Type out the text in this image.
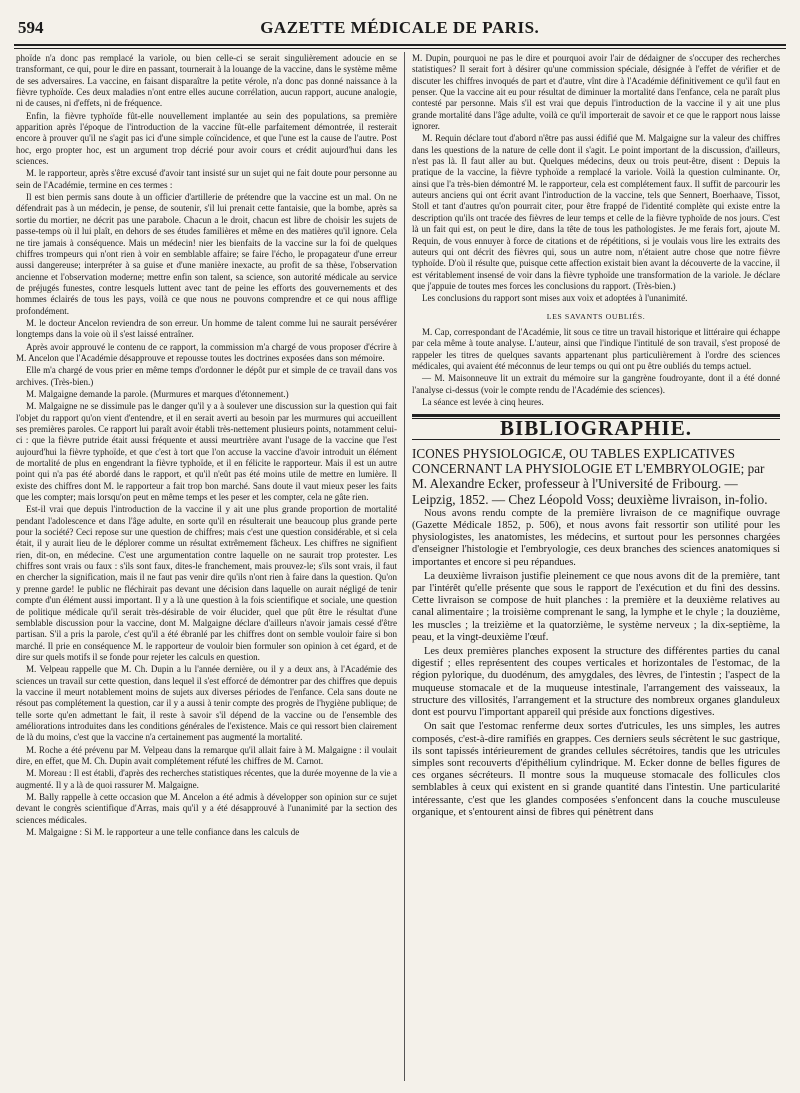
594	GAZETTE MÉDICALE DE PARIS.

phoïde n'a donc pas remplacé la variole, ou bien celle-ci se serait singulièrement adoucie en se transformant, ce qui, pour le dire en passant, tournerait à la louange de la vaccine, dans le système même de ses adversaires. La vaccine, en faisant disparaître la petite vérole, n'a donc pas donné naissance à la fièvre typhoïde. Ces deux maladies n'ont entre elles aucune corrélation, aucun rapport, aucune analogie, ni de causes, ni d'effets, ni de fréquence.

Enfin, la fièvre typhoïde fût-elle nouvellement implantée au sein des populations, sa première apparition après l'époque de l'introduction de la vaccine fût-elle parfaitement démontrée, il resterait encore à prouver qu'il ne s'agit pas ici d'une simple coïncidence, et que l'une est la cause de l'autre. Post hoc, ergo propter hoc, est un argument trop décrié pour avoir cours et crédit aujourd'hui dans les sciences.

M. le rapporteur, après s'être excusé d'avoir tant insisté sur un sujet qui ne fait doute pour personne au sein de l'Académie, termine en ces termes :

Il est bien permis sans doute à un officier d'artillerie de prétendre que la vaccine est un mal. On ne défendrait pas à un médecin, je pense, de soutenir, s'il lui prenait cette fantaisie, que la bombe, après sa sortie du mortier, ne décrit pas une parabole. Chacun a le droit, chacun est libre de choisir les sujets de passe-temps où il lui plaît, en dehors de ses études familières et même en des matières qu'il ignore. Cela ne tire jamais à conséquence. Mais un médecin! nier les bienfaits de la vaccine sur la foi de quelques chiffres trompeurs qui n'ont rien à voir en semblable affaire; se faire l'écho, le propagateur d'une erreur aussi dangereuse; interpréter à sa guise et d'une manière inexacte, au profit de sa thèse, l'observation ancienne et l'observation moderne; mettre enfin son talent, sa science, son autorité médicale au service de préjugés funestes, contre lesquels luttent avec tant de peine les efforts des gouvernements et des hommes éclairés de tous les pays, voilà ce que nous ne pouvons comprendre et ce qui nous afflige profondément.

M. le docteur Ancelon reviendra de son erreur. Un homme de talent comme lui ne saurait persévérer longtemps dans la voie où il s'est laissé entraîner.

Après avoir approuvé le contenu de ce rapport, la commission m'a chargé de vous proposer d'écrire à M. Ancelon que l'Académie désapprouve et repousse toutes les doctrines exposées dans son mémoire.

Elle m'a chargé de vous prier en même temps d'ordonner le dépôt pur et simple de ce travail dans vos archives. (Très-bien.)

M. Malgaigne demande la parole. (Murmures et marques d'étonnement.)

M. Malgaigne ne se dissimule pas le danger qu'il y a à soulever une discussion sur la question qui fait l'objet du rapport qu'on vient d'entendre, et il en serait averti au besoin par les murmures qui accueillent ses premières paroles. Ce rapport lui paraît avoir établi très-nettement plusieurs points, notamment celui-ci : que la fièvre putride était aussi fréquente et aussi meurtrière avant l'usage de la vaccine que l'est aujourd'hui la fièvre typhoïde, et que c'est à tort que l'on accuse la vaccine d'avoir introduit un élément de mortalité de plus en engendrant la fièvre typhoïde, et il en félicite le rapporteur. Mais il est un autre point qui n'a pas été abordé dans le rapport, et qu'il n'eût pas été moins utile de mettre en lumière. Il existe des chiffres dont M. le rapporteur a fait trop bon marché. Sans doute il vaut mieux peser les faits que les compter; mais lorsqu'on peut en même temps et les peser et les compter, cela ne gâte rien.

Est-il vrai que depuis l'introduction de la vaccine il y ait une plus grande proportion de mortalité pendant l'adolescence et dans l'âge adulte, en sorte qu'il en résulterait une beaucoup plus grande perte pour la société? Ceci repose sur une question de chiffres; mais c'est une question considérable, et si cela était, il y aurait lieu de le déplorer comme un résultat extrêmement fâcheux. Les chiffres ne signifient rien, dit-on, en médecine. C'est une argumentation contre laquelle on ne saurait trop protester. Les chiffres sont vrais ou faux : s'ils sont faux, dites-le franchement, mais prouvez-le; s'ils sont vrais, il faut en chercher la signification, mais il ne faut pas venir dire qu'ils n'ont rien à faire dans la question. Qu'on y prenne garde! le public ne fléchirait pas devant une décision dans laquelle on aurait négligé de tenir compte d'un élément aussi important. Il y a là une question à la fois scientifique et sociale, une question de politique médicale qu'il serait très-désirable de voir élucider, quel que pût être le résultat d'une semblable discussion pour la vaccine, dont M. Malgaigne déclare d'ailleurs n'avoir jamais cessé d'être partisan. S'il a pris la parole, c'est qu'il a été ébranlé par les chiffres dont on semble vouloir faire si bon marché. Il prie en conséquence M. le rapporteur de vouloir bien formuler son opinion à cet égard, et de dire sur quels motifs il se fonde pour rejeter les calculs en question.

M. Velpeau rappelle que M. Ch. Dupin a lu l'année dernière, ou il y a deux ans, à l'Académie des sciences un travail sur cette question, dans lequel il s'est efforcé de démontrer par des chiffres que depuis la vaccine il meurt notablement moins de sujets aux diverses périodes de l'enfance. Cela sans doute ne résout pas complétement la question, car il y a aussi à tenir compte des progrès de l'hygiène publique; de telle sorte qu'en admettant le fait, il reste à savoir s'il dépend de la vaccine ou de l'ensemble des améliorations introduites dans les conditions générales de l'existence. Mais ce qui ressort bien clairement de là du moins, c'est que la vaccine n'a certainement pas augmenté la mortalité.

M. Roche a été prévenu par M. Velpeau dans la remarque qu'il allait faire à M. Malgaigne : il voulait dire, en effet, que M. Ch. Dupin avait complétement réfuté les chiffres de M. Carnot.

M. Moreau : Il est établi, d'après des recherches statistiques récentes, que la durée moyenne de la vie a augmenté. Il y a là de quoi rassurer M. Malgaigne.

M. Bally rappelle à cette occasion que M. Ancelon a été admis à développer son opinion sur ce sujet devant le congrès scientifique d'Arras, mais qu'il y a été désapprouvé à l'unanimité par la section des sciences médicales.

M. Malgaigne : Si M. le rapporteur a une telle confiance dans les calculs de

M. Dupin, pourquoi ne pas le dire et pourquoi avoir l'air de dédaigner de s'occuper des recherches statistiques? Il serait fort à désirer qu'une commission spéciale, désignée à l'effet de vérifier et de discuter les chiffres invoqués de part et d'autre, vînt dire à l'Académie définitivement ce qu'il faut en penser. Que la vaccine ait eu pour résultat de diminuer la mortalité dans l'enfance, cela ne paraît plus contesté par personne. Mais s'il est vrai que depuis l'introduction de la vaccine il y ait une plus grande mortalité dans l'âge adulte, voilà ce qu'il importerait de savoir et ce que le rapport nous laisse ignorer.

M. Requin déclare tout d'abord n'être pas aussi édifié que M. Malgaigne sur la valeur des chiffres dans les questions de la nature de celle dont il s'agit. Le point important de la discussion, d'ailleurs, n'est pas là. Il faut aller au but. Quelques médecins, deux ou trois peut-être, disent : Depuis la pratique de la vaccine, la fièvre typhoïde a remplacé la variole. Voilà la question culminante. Or, ainsi que l'a très-bien démontré M. le rapporteur, cela est complétement faux. Il suffit de parcourir les auteurs anciens qui ont écrit avant l'introduction de la vaccine, tels que Sennert, Boerhaave, Tissot, Stoll et tant d'autres qu'on pourrait citer, pour être frappé de l'identité complète qui existe entre la description qu'ils ont tracée des fièvres de leur temps et celle de la fièvre typhoïde de nos jours. C'est là un fait qui est, on peut le dire, dans la tête de tous les pathologistes. Je me ferais fort, ajoute M. Requin, de vous ennuyer à force de citations et de répétitions, si je voulais vous lire les extraits des auteurs qui ont décrit des fièvres qui, sous un autre nom, n'étaient autre chose que notre fièvre typhoïde. D'où il résulte que, puisque cette affection existait bien avant la découverte de la vaccine, il est véritablement insensé de voir dans la fièvre typhoïde une transformation de la variole. Je déclare que j'appuie de toutes mes forces les conclusions du rapport. (Très-bien.)

Les conclusions du rapport sont mises aux voix et adoptées à l'unanimité.

LES SAVANTS OUBLIÉS.

M. Cap, correspondant de l'Académie, lit sous ce titre un travail historique et littéraire qui échappe par cela même à toute analyse. L'auteur, ainsi que l'indique l'intitulé de son travail, s'est proposé de rappeler les titres de quelques savants appartenant plus particulièrement à l'ordre des sciences médicales, qui avaient été méconnus de leur temps ou qui ont pu être oubliés du temps actuel.

— M. Maisonneuve lit un extrait du mémoire sur la gangrène foudroyante, dont il a été donné l'analyse ci-dessus (voir le compte rendu de l'Académie des sciences).

La séance est levée à cinq heures.

BIBLIOGRAPHIE.

ICONES PHYSIOLOGICÆ, OU TABLES EXPLICATIVES CONCERNANT LA PHYSIOLOGIE ET L'EMBRYOLOGIE; par M. Alexandre Ecker, professeur à l'Université de Fribourg. — Leipzig, 1852. — Chez Léopold Voss; deuxième livraison, in-folio.

Nous avons rendu compte de la première livraison de ce magnifique ouvrage (Gazette Médicale 1852, p. 506), et nous avons fait ressortir son utilité pour les physiologistes, les anatomistes, les médecins, et surtout pour les personnes chargées d'enseigner l'histologie et l'embryologie, ces deux branches des sciences anatomiques si importantes et encore si peu répandues.

La deuxième livraison justifie pleinement ce que nous avons dit de la première, tant par l'intérêt qu'elle présente que sous le rapport de l'exécution et du fini des dessins. Cette livraison se compose de huit planches : la première et la deuxième relatives au canal alimentaire ; la troisième comprenant le sang, la lymphe et le chyle ; la douzième, les muscles ; la treizième et la quatorzième, le système nerveux ; la dix-septième, la peau, et la vingt-deuxième l'œuf.

Les deux premières planches exposent la structure des différentes parties du canal digestif ; elles représentent des coupes verticales et horizontales de l'estomac, de la région pylorique, du duodénum, des amygdales, des lèvres, de l'intestin ; l'aspect de la muqueuse stomacale et de la muqueuse intestinale, l'arrangement des vaisseaux, la structure des villosités, l'arrangement et la structure des nombreux organes glanduleux dont est pourvu l'important appareil qui préside aux fonctions digestives.

On sait que l'estomac renferme deux sortes d'utricules, les uns simples, les autres composés, c'est-à-dire ramifiés en grappes. Ces derniers seuls sécrètent le suc gastrique, ils sont tapissés intérieurement de grandes cellules sécrétoires, tandis que les utricules simples sont recouverts d'épithélium cylindrique. M. Ecker donne de belles figures de ces organes sécréteurs. Il montre sous la muqueuse stomacale des follicules clos semblables à ceux qui existent en si grande quantité dans l'intestin. Une particularité intéressante, c'est que les glandes composées s'enfoncent dans la couche musculeuse organique, et s'entourent ainsi de fibres qui pénètrent dans
